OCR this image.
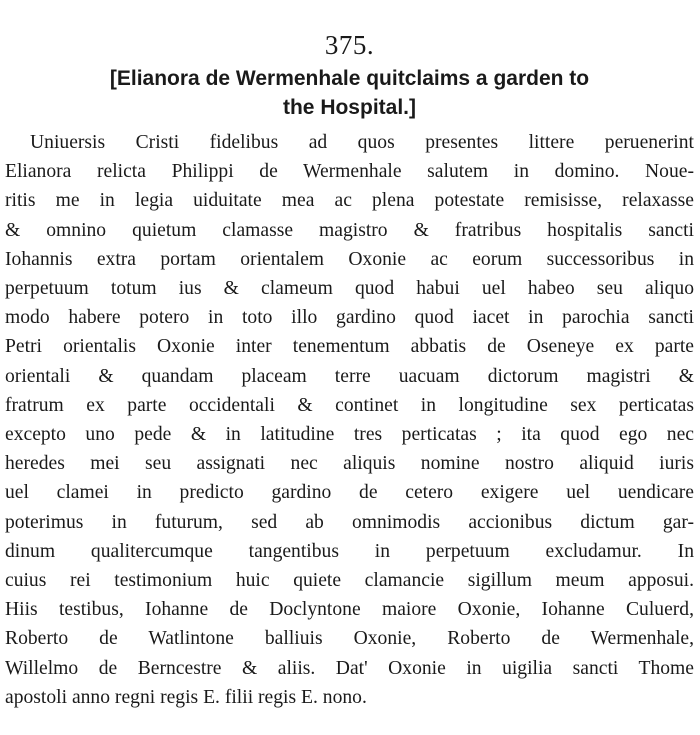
375.
[Elianora de Wermenhale quitclaims a garden to
the Hospital.]
Uniuersis Cristi fidelibus ad quos presentes littere peruenerint
Elianora relicta Philippi de Wermenhale salutem in domino. Noue-
ritis me in legia uiduitate mea ac plena potestate remisisse, relaxasse
& omnino quietum clamasse magistro & fratribus hospitalis sancti
Iohannis extra portam orientalem Oxonie ac eorum successoribus in
perpetuum totum ius & clameum quod habui uel habeo seu aliquo
modo habere potero in toto illo gardino quod iacet in parochia sancti
Petri orientalis Oxonie inter tenementum abbatis de Oseneye ex parte
orientali & quandam placeam terre uacuam dictorum magistri &
fratrum ex parte occidentali & continet in longitudine sex perticatas
excepto uno pede & in latitudine tres perticatas ; ita quod ego nec
heredes mei seu assignati nec aliquis nomine nostro aliquid iuris
uel clamei in predicto gardino de cetero exigere uel uendicare
poterimus in futurum, sed ab omnimodis accionibus dictum gar-
dinum qualitercumque tangentibus in perpetuum excludamur. In
cuius rei testimonium huic quiete clamancie sigillum meum apposui.
Hiis testibus, Iohanne de Doclyntone maiore Oxonie, Iohanne Culuerd,
Roberto de Watlintone balliuis Oxonie, Roberto de Wermenhale,
Willelmo de Berncestre & aliis. Dat' Oxonie in uigilia sancti Thome
apostoli anno regni regis E. filii regis E. nono.
